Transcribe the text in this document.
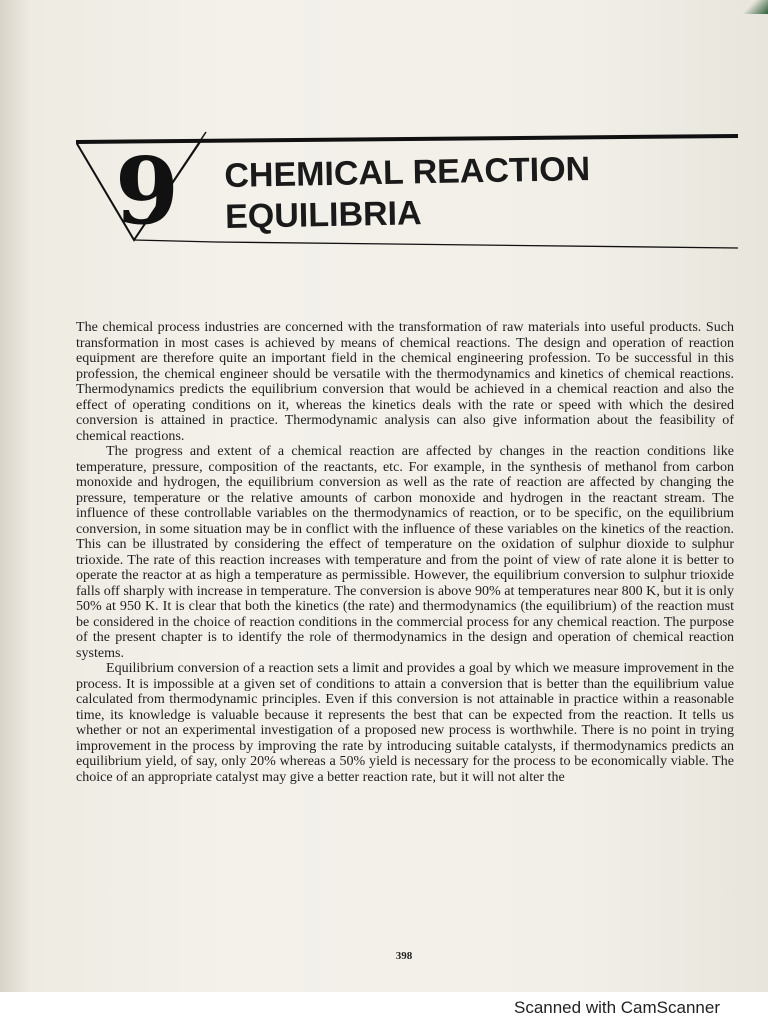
9 CHEMICAL REACTION
EQUILIBRIA

The chemical process industries are concerned with the transformation of raw materials into useful products. Such transformation in most cases is achieved by means of chemical reactions. The design and operation of reaction equipment are therefore quite an important field in the chemical engineering profession. To be successful in this profession, the chemical engineer should be versatile with the thermodynamics and kinetics of chemical reactions. Thermodynamics predicts the equilibrium conversion that would be achieved in a chemical reaction and also the effect of operating conditions on it, whereas the kinetics deals with the rate or speed with which the desired conversion is attained in practice. Thermodynamic analysis can also give information about the feasibility of chemical reactions.

The progress and extent of a chemical reaction are affected by changes in the reaction conditions like temperature, pressure, composition of the reactants, etc. For example, in the synthesis of methanol from carbon monoxide and hydrogen, the equilibrium conversion as well as the rate of reaction are affected by changing the pressure, temperature or the relative amounts of carbon monoxide and hydrogen in the reactant stream. The influence of these controllable variables on the thermodynamics of reaction, or to be specific, on the equilibrium conversion, in some situation may be in conflict with the influence of these variables on the kinetics of the reaction. This can be illustrated by considering the effect of temperature on the oxidation of sulphur dioxide to sulphur trioxide. The rate of this reaction increases with temperature and from the point of view of rate alone it is better to operate the reactor at as high a temperature as permissible. However, the equilibrium conversion to sulphur trioxide falls off sharply with increase in temperature. The conversion is above 90% at temperatures near 800 K, but it is only 50% at 950 K. It is clear that both the kinetics (the rate) and thermodynamics (the equilibrium) of the reaction must be considered in the choice of reaction conditions in the commercial process for any chemical reaction. The purpose of the present chapter is to identify the role of thermodynamics in the design and operation of chemical reaction systems.

Equilibrium conversion of a reaction sets a limit and provides a goal by which we measure improvement in the process. It is impossible at a given set of conditions to attain a conversion that is better than the equilibrium value calculated from thermodynamic principles. Even if this conversion is not attainable in practice within a reasonable time, its knowledge is valuable because it represents the best that can be expected from the reaction. It tells us whether or not an experimental investigation of a proposed new process is worthwhile. There is no point in trying improvement in the process by improving the rate by introducing suitable catalysts, if thermodynamics predicts an equilibrium yield, of say, only 20% whereas a 50% yield is necessary for the process to be economically viable. The choice of an appropriate catalyst may give a better reaction rate, but it will not alter the

398
Scanned with CamScanner
